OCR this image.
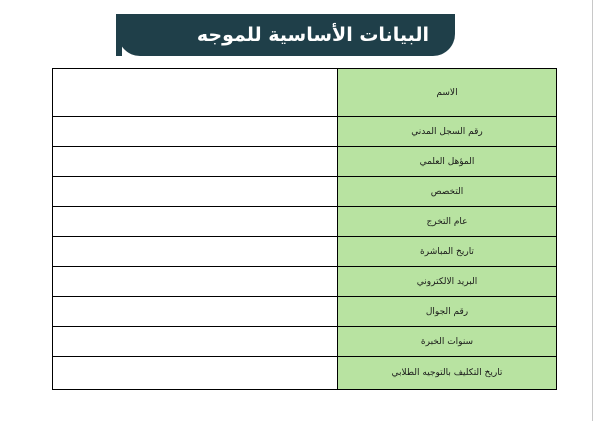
البيانات الأساسية للموجه
	الاسم
	رقم السجل المدني
	المؤهل العلمي
	التخصص
	عام التخرج
	تاريخ المباشرة
	البريد الالكتروني
	رقم الجوال
	سنوات الخبرة
	تاريخ التكليف بالتوجيه الطلابي
